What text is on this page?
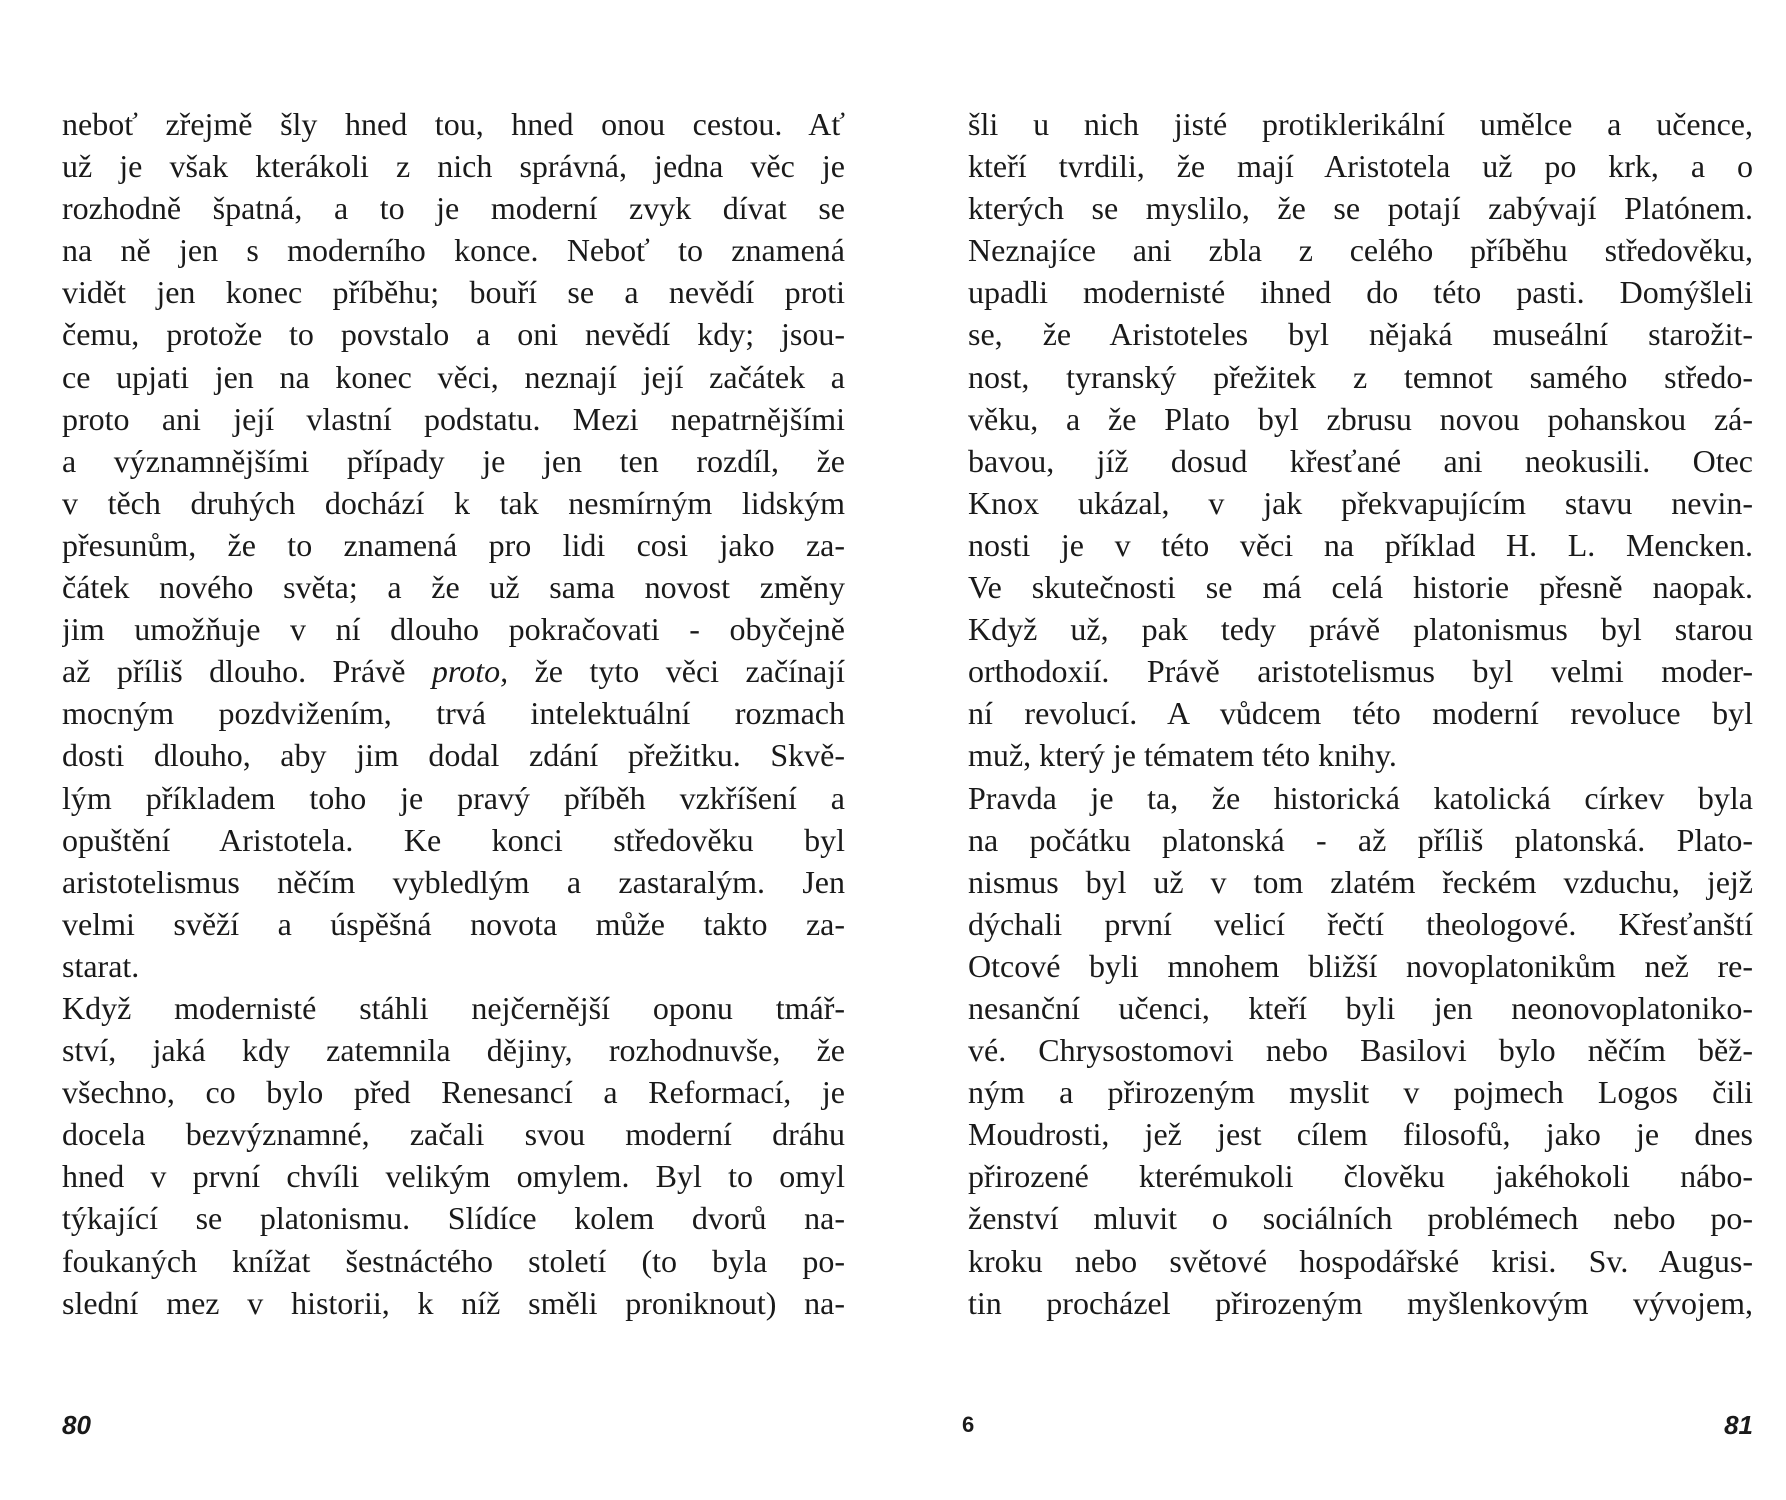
neboť zřejmě šly hned tou, hned onou cestou. Ať
už je však kterákoli z nich správná, jedna věc je
rozhodně špatná, a to je moderní zvyk dívat se
na ně jen s moderního konce. Neboť to znamená
vidět jen konec příběhu; bouří se a nevědí proti
čemu, protože to povstalo a oni nevědí kdy; jsou-
ce upjati jen na konec věci, neznají její začátek a
proto ani její vlastní podstatu. Mezi nepatrnějšími
a významnějšími případy je jen ten rozdíl, že
v těch druhých dochází k tak nesmírným lidským
přesunům, že to znamená pro lidi cosi jako za-
čátek nového světa; a že už sama novost změny
jim umožňuje v ní dlouho pokračovati - obyčejně
až příliš dlouho. Právě proto, že tyto věci začínají
mocným pozdvižením, trvá intelektuální rozmach
dosti dlouho, aby jim dodal zdání přežitku. Skvě-
lým příkladem toho je pravý příběh vzkříšení a
opuštění Aristotela. Ke konci středověku byl
aristotelismus něčím vybledlým a zastaralým. Jen
velmi svěží a úspěšná novota může takto za-
starat.
Když modernisté stáhli nejčernější oponu tmář-
ství, jaká kdy zatemnila dějiny, rozhodnuvše, že
všechno, co bylo před Renesancí a Reformací, je
docela bezvýznamné, začali svou moderní dráhu
hned v první chvíli velikým omylem. Byl to omyl
týkající se platonismu. Slídíce kolem dvorů na-
foukaných knížat šestnáctého století (to byla po-
slední mez v historii, k níž směli proniknout) na-
80
šli u nich jisté protiklerikální umělce a učence,
kteří tvrdili, že mají Aristotela už po krk, a o
kterých se myslilo, že se potají zabývají Platónem.
Neznajíce ani zbla z celého příběhu středověku,
upadli modernisté ihned do této pasti. Domýšleli
se, že Aristoteles byl nějaká museální starožit-
nost, tyranský přežitek z temnot samého středo-
věku, a že Plato byl zbrusu novou pohanskou zá-
bavou, jíž dosud křesťané ani neokusili. Otec
Knox ukázal, v jak překvapujícím stavu nevin-
nosti je v této věci na příklad H. L. Mencken.
Ve skutečnosti se má celá historie přesně naopak.
Když už, pak tedy právě platonismus byl starou
orthodoxií. Právě aristotelismus byl velmi moder-
ní revolucí. A vůdcem této moderní revoluce byl
muž, který je tématem této knihy.
Pravda je ta, že historická katolická církev byla
na počátku platonská - až příliš platonská. Plato-
nismus byl už v tom zlatém řeckém vzduchu, jejž
dýchali první velicí řečtí theologové. Křesťanští
Otcové byli mnohem bližší novoplatonikům než re-
nesanční učenci, kteří byli jen neonovoplatoniko-
vé. Chrysostomovi nebo Basilovi bylo něčím běž-
ným a přirozeným myslit v pojmech Logos čili
Moudrosti, jež jest cílem filosofů, jako je dnes
přirozené kterémukoli člověku jakéhokoli nábo-
ženství mluvit o sociálních problémech nebo po-
kroku nebo světové hospodářské krisi. Sv. Augus-
tin procházel přirozeným myšlenkovým vývojem,
6	81
